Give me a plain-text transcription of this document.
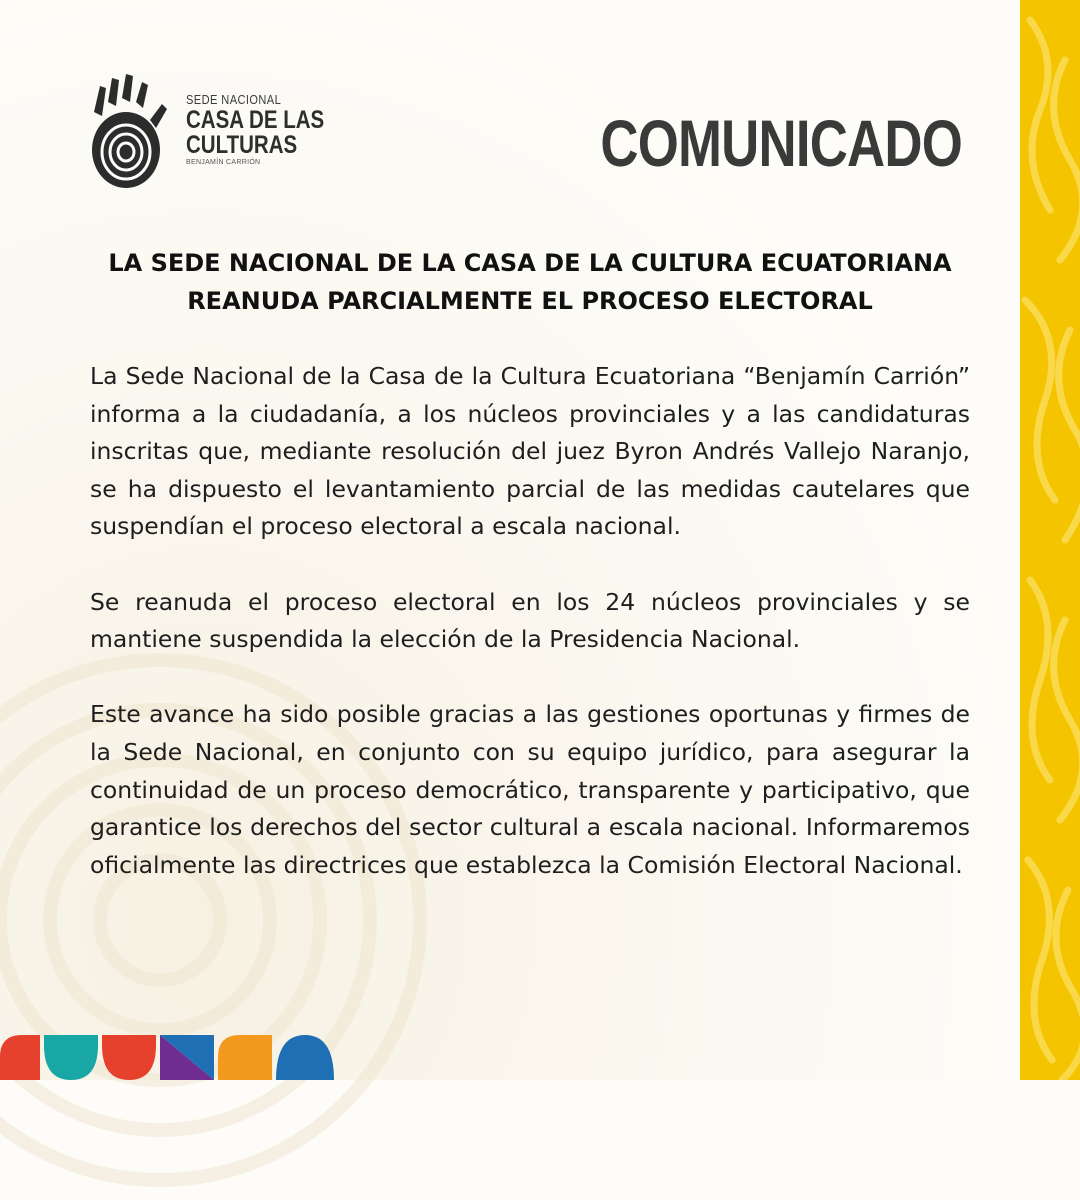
SEDE NACIONAL
CASA DE LAS
CULTURAS
BENJAMÍN CARRIÓN	COMUNICADO
LA SEDE NACIONAL DE LA CASA DE LA CULTURA ECUATORIANA
REANUDA PARCIALMENTE EL PROCESO ELECTORAL

La Sede Nacional de la Casa de la Cultura Ecuatoriana “Benjamín Carrión” informa a la ciudadanía, a los núcleos provinciales y a las candidaturas inscritas que, mediante resolución del juez Byron Andrés Vallejo Naranjo, se ha dispuesto el levantamiento parcial de las medidas cautelares que suspendían el proceso electoral a escala nacional.

Se reanuda el proceso electoral en los 24 núcleos provinciales y se mantiene suspendida la elección de la Presidencia Nacional.

Este avance ha sido posible gracias a las gestiones oportunas y firmes de la Sede Nacional, en conjunto con su equipo jurídico, para asegurar la continuidad de un proceso democrático, transparente y participativo, que garantice los derechos del sector cultural a escala nacional. Informaremos oficialmente las directrices que establezca la Comisión Electoral Nacional.
